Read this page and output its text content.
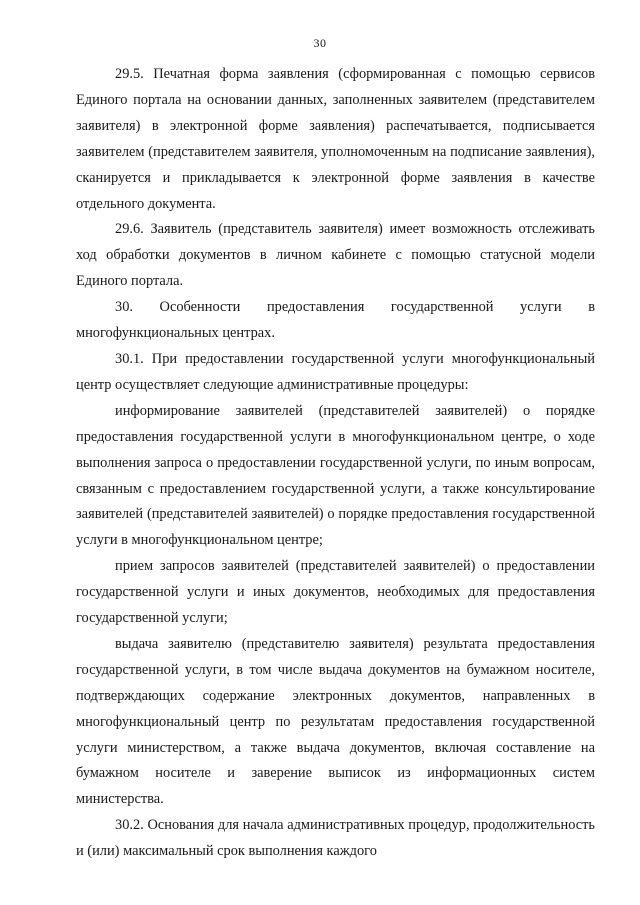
30

29.5. Печатная форма заявления (сформированная с помощью сервисов Единого портала на основании данных, заполненных заявителем (представителем заявителя) в электронной форме заявления) распечатывается, подписывается заявителем (представителем заявителя, уполномоченным на подписание заявления), сканируется и прикладывается к электронной форме заявления в качестве отдельного документа.

29.6. Заявитель (представитель заявителя) имеет возможность отслеживать ход обработки документов в личном кабинете с помощью статусной модели Единого портала.

30. Особенности предоставления государственной услуги в многофункциональных центрах.

30.1. При предоставлении государственной услуги многофункциональный центр осуществляет следующие административные процедуры:

информирование заявителей (представителей заявителей) о порядке предоставления государственной услуги в многофункциональном центре, о ходе выполнения запроса о предоставлении государственной услуги, по иным вопросам, связанным с предоставлением государственной услуги, а также консультирование заявителей (представителей заявителей) о порядке предоставления государственной услуги в многофункциональном центре;

прием запросов заявителей (представителей заявителей) о предоставлении государственной услуги и иных документов, необходимых для предоставления государственной услуги;

выдача заявителю (представителю заявителя) результата предоставления государственной услуги, в том числе выдача документов на бумажном носителе, подтверждающих содержание электронных документов, направленных в многофункциональный центр по результатам предоставления государственной услуги министерством, а также выдача документов, включая составление на бумажном носителе и заверение выписок из информационных систем министерства.

30.2. Основания для начала административных процедур, продолжительность и (или) максимальный срок выполнения каждого
